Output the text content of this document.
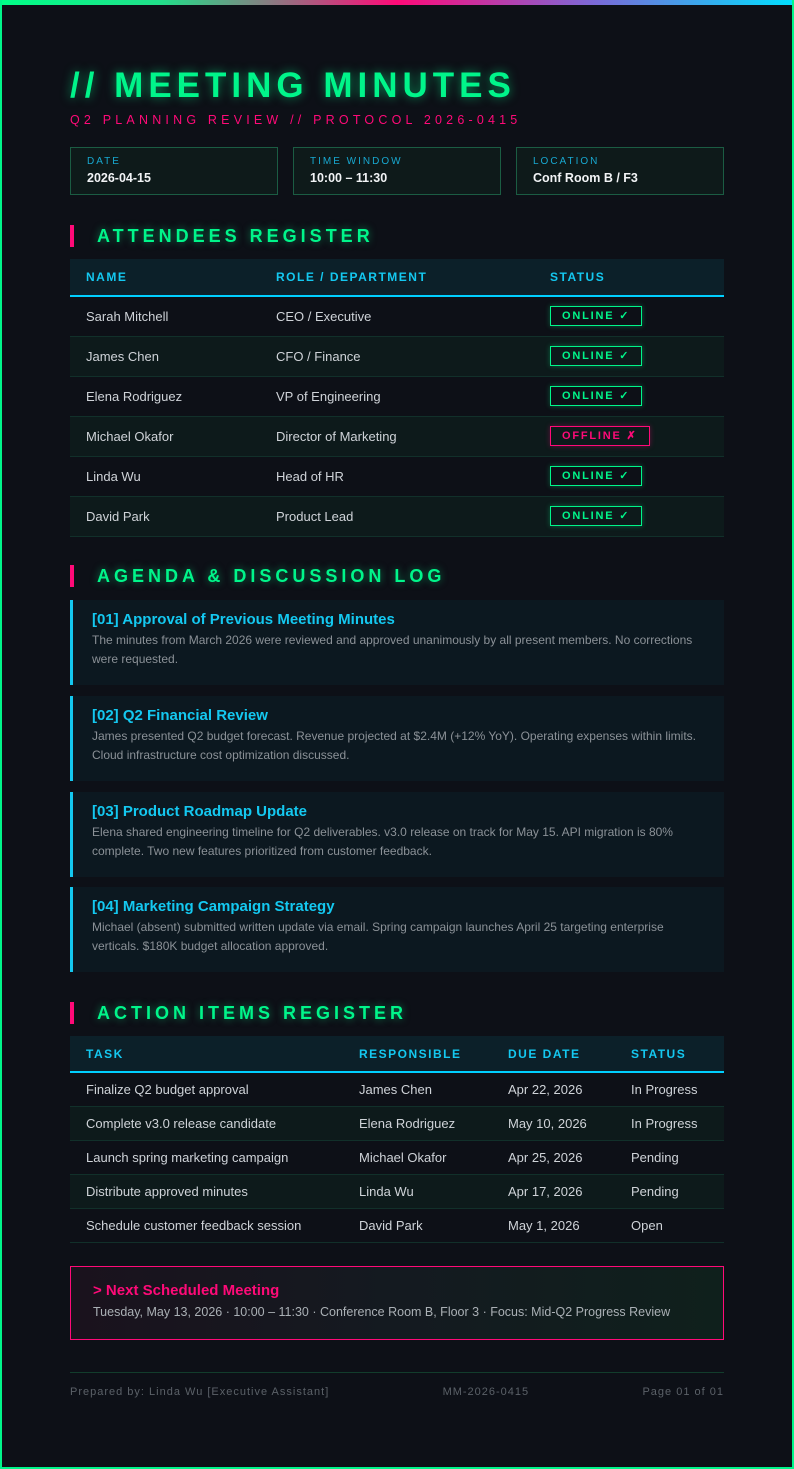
// MEETING MINUTES
Q2 PLANNING REVIEW // PROTOCOL 2026-0415
DATE
2026-04-15
TIME WINDOW
10:00 – 11:30
LOCATION
Conf Room B / F3
ATTENDEES REGISTER
NAME	ROLE / DEPARTMENT	STATUS
Sarah Mitchell	CEO / Executive	ONLINE ✓
James Chen	CFO / Finance	ONLINE ✓
Elena Rodriguez	VP of Engineering	ONLINE ✓
Michael Okafor	Director of Marketing	OFFLINE ✗
Linda Wu	Head of HR	ONLINE ✓
David Park	Product Lead	ONLINE ✓
AGENDA & DISCUSSION LOG
[01] Approval of Previous Meeting Minutes
The minutes from March 2026 were reviewed and approved unanimously by all present members. No corrections were requested.
[02] Q2 Financial Review
James presented Q2 budget forecast. Revenue projected at $2.4M (+12% YoY). Operating expenses within limits. Cloud infrastructure cost optimization discussed.
[03] Product Roadmap Update
Elena shared engineering timeline for Q2 deliverables. v3.0 release on track for May 15. API migration is 80% complete. Two new features prioritized from customer feedback.
[04] Marketing Campaign Strategy
Michael (absent) submitted written update via email. Spring campaign launches April 25 targeting enterprise verticals. $180K budget allocation approved.
ACTION ITEMS REGISTER
TASK	RESPONSIBLE	DUE DATE	STATUS
Finalize Q2 budget approval	James Chen	Apr 22, 2026	In Progress
Complete v3.0 release candidate	Elena Rodriguez	May 10, 2026	In Progress
Launch spring marketing campaign	Michael Okafor	Apr 25, 2026	Pending
Distribute approved minutes	Linda Wu	Apr 17, 2026	Pending
Schedule customer feedback session	David Park	May 1, 2026	Open
> Next Scheduled Meeting
Tuesday, May 13, 2026 · 10:00 – 11:30 · Conference Room B, Floor 3 · Focus: Mid-Q2 Progress Review
Prepared by: Linda Wu [Executive Assistant]	MM-2026-0415	Page 01 of 01
